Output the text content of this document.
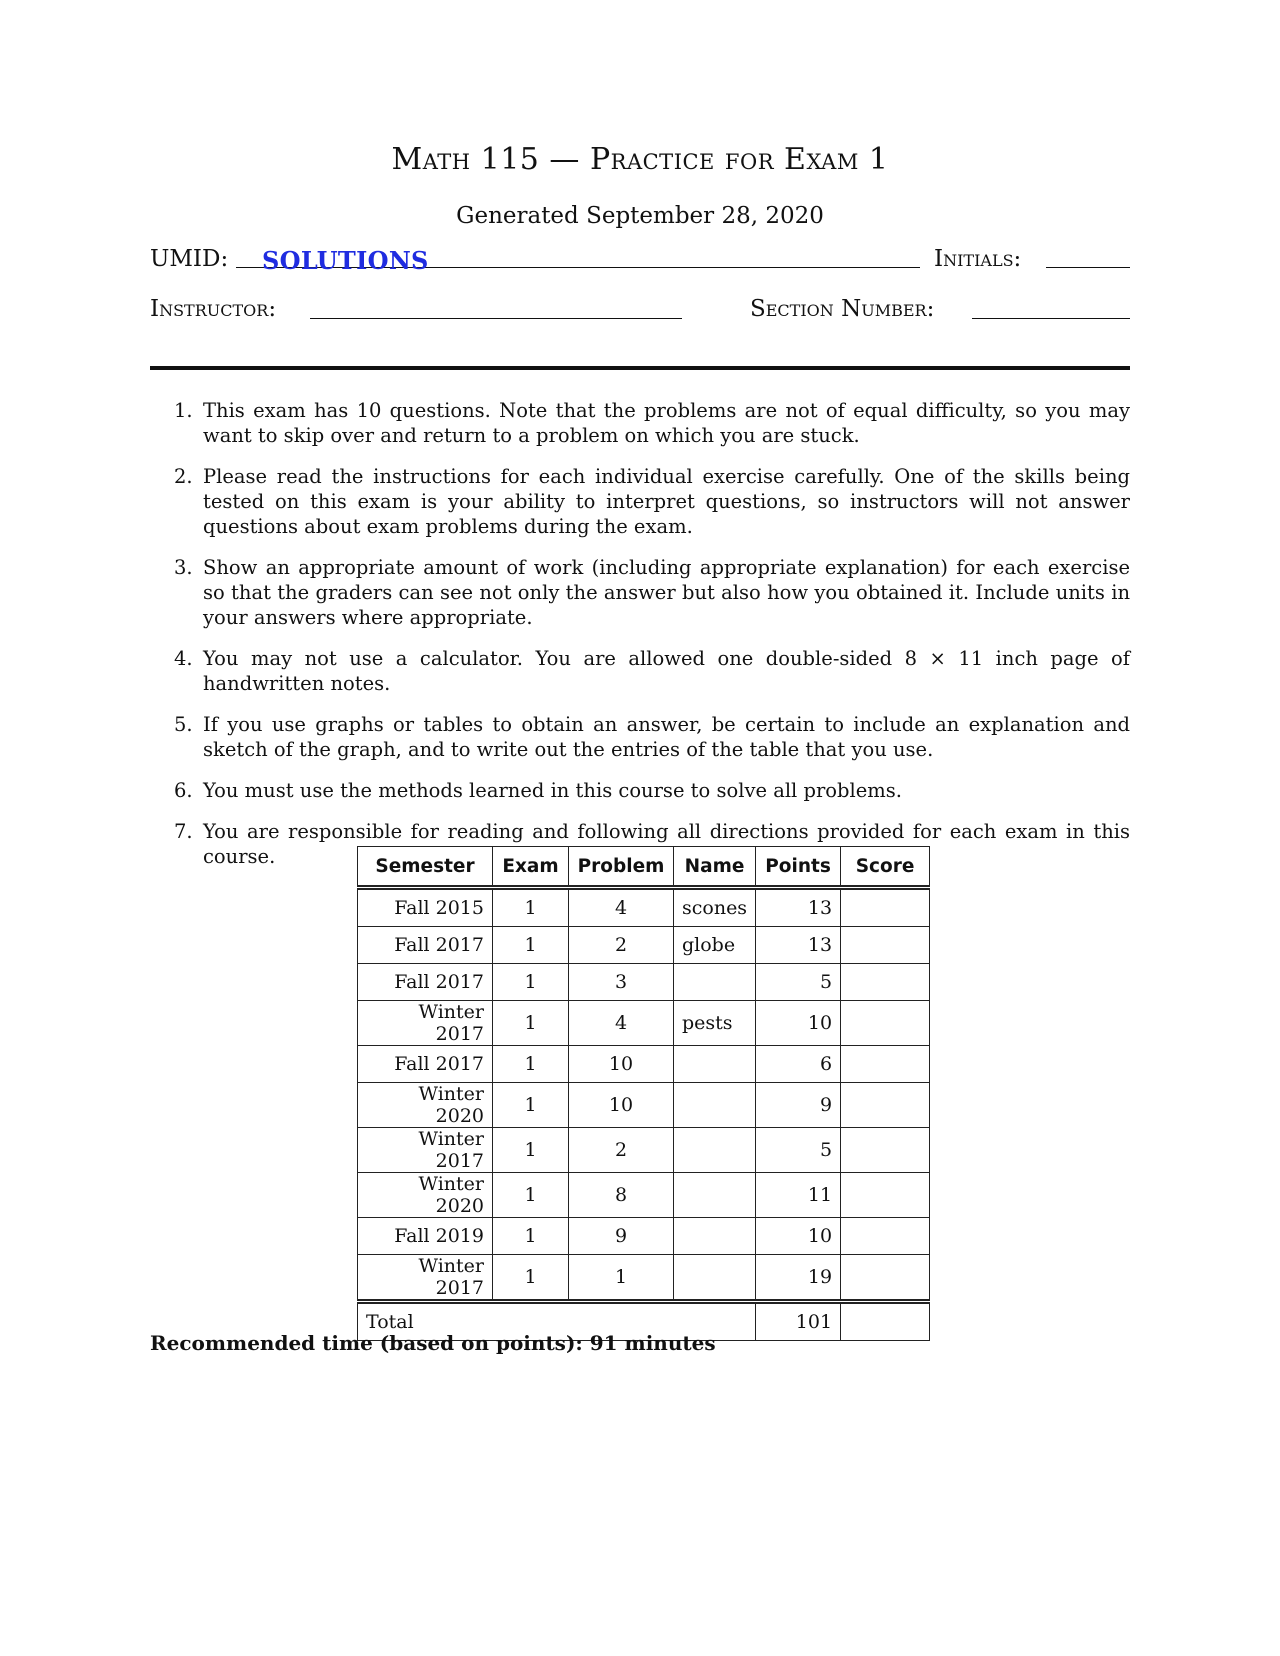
Math 115 — Practice for Exam 1
Generated September 28, 2020
UMID: SOLUTIONS	Initials:
Instructor:	Section Number:
1. This exam has 10 questions. Note that the problems are not of equal difficulty, so you may want to skip over and return to a problem on which you are stuck.
2. Please read the instructions for each individual exercise carefully. One of the skills being tested on this exam is your ability to interpret questions, so instructors will not answer questions about exam problems during the exam.
3. Show an appropriate amount of work (including appropriate explanation) for each exercise so that the graders can see not only the answer but also how you obtained it. Include units in your answers where appropriate.
4. You may not use a calculator. You are allowed one double-sided 8 × 11 inch page of handwritten notes.
5. If you use graphs or tables to obtain an answer, be certain to include an explanation and sketch of the graph, and to write out the entries of the table that you use.
6. You must use the methods learned in this course to solve all problems.
7. You are responsible for reading and following all directions provided for each exam in this course.	Semester	Exam	Problem	Name	Points	Score
Fall 2015	1	4	scones	13	
Fall 2017	1	2	globe	13	
Fall 2017	1	3		5	
Winter 2017	1	4	pests	10	
Fall 2017	1	10		6	
Winter 2020	1	10		9	
Winter 2017	1	2		5	
Winter 2020	1	8		11	
Fall 2019	1	9		10	
Winter 2017	1	1		19	
Total				101	
Recommended time (based on points): 91 minutes
